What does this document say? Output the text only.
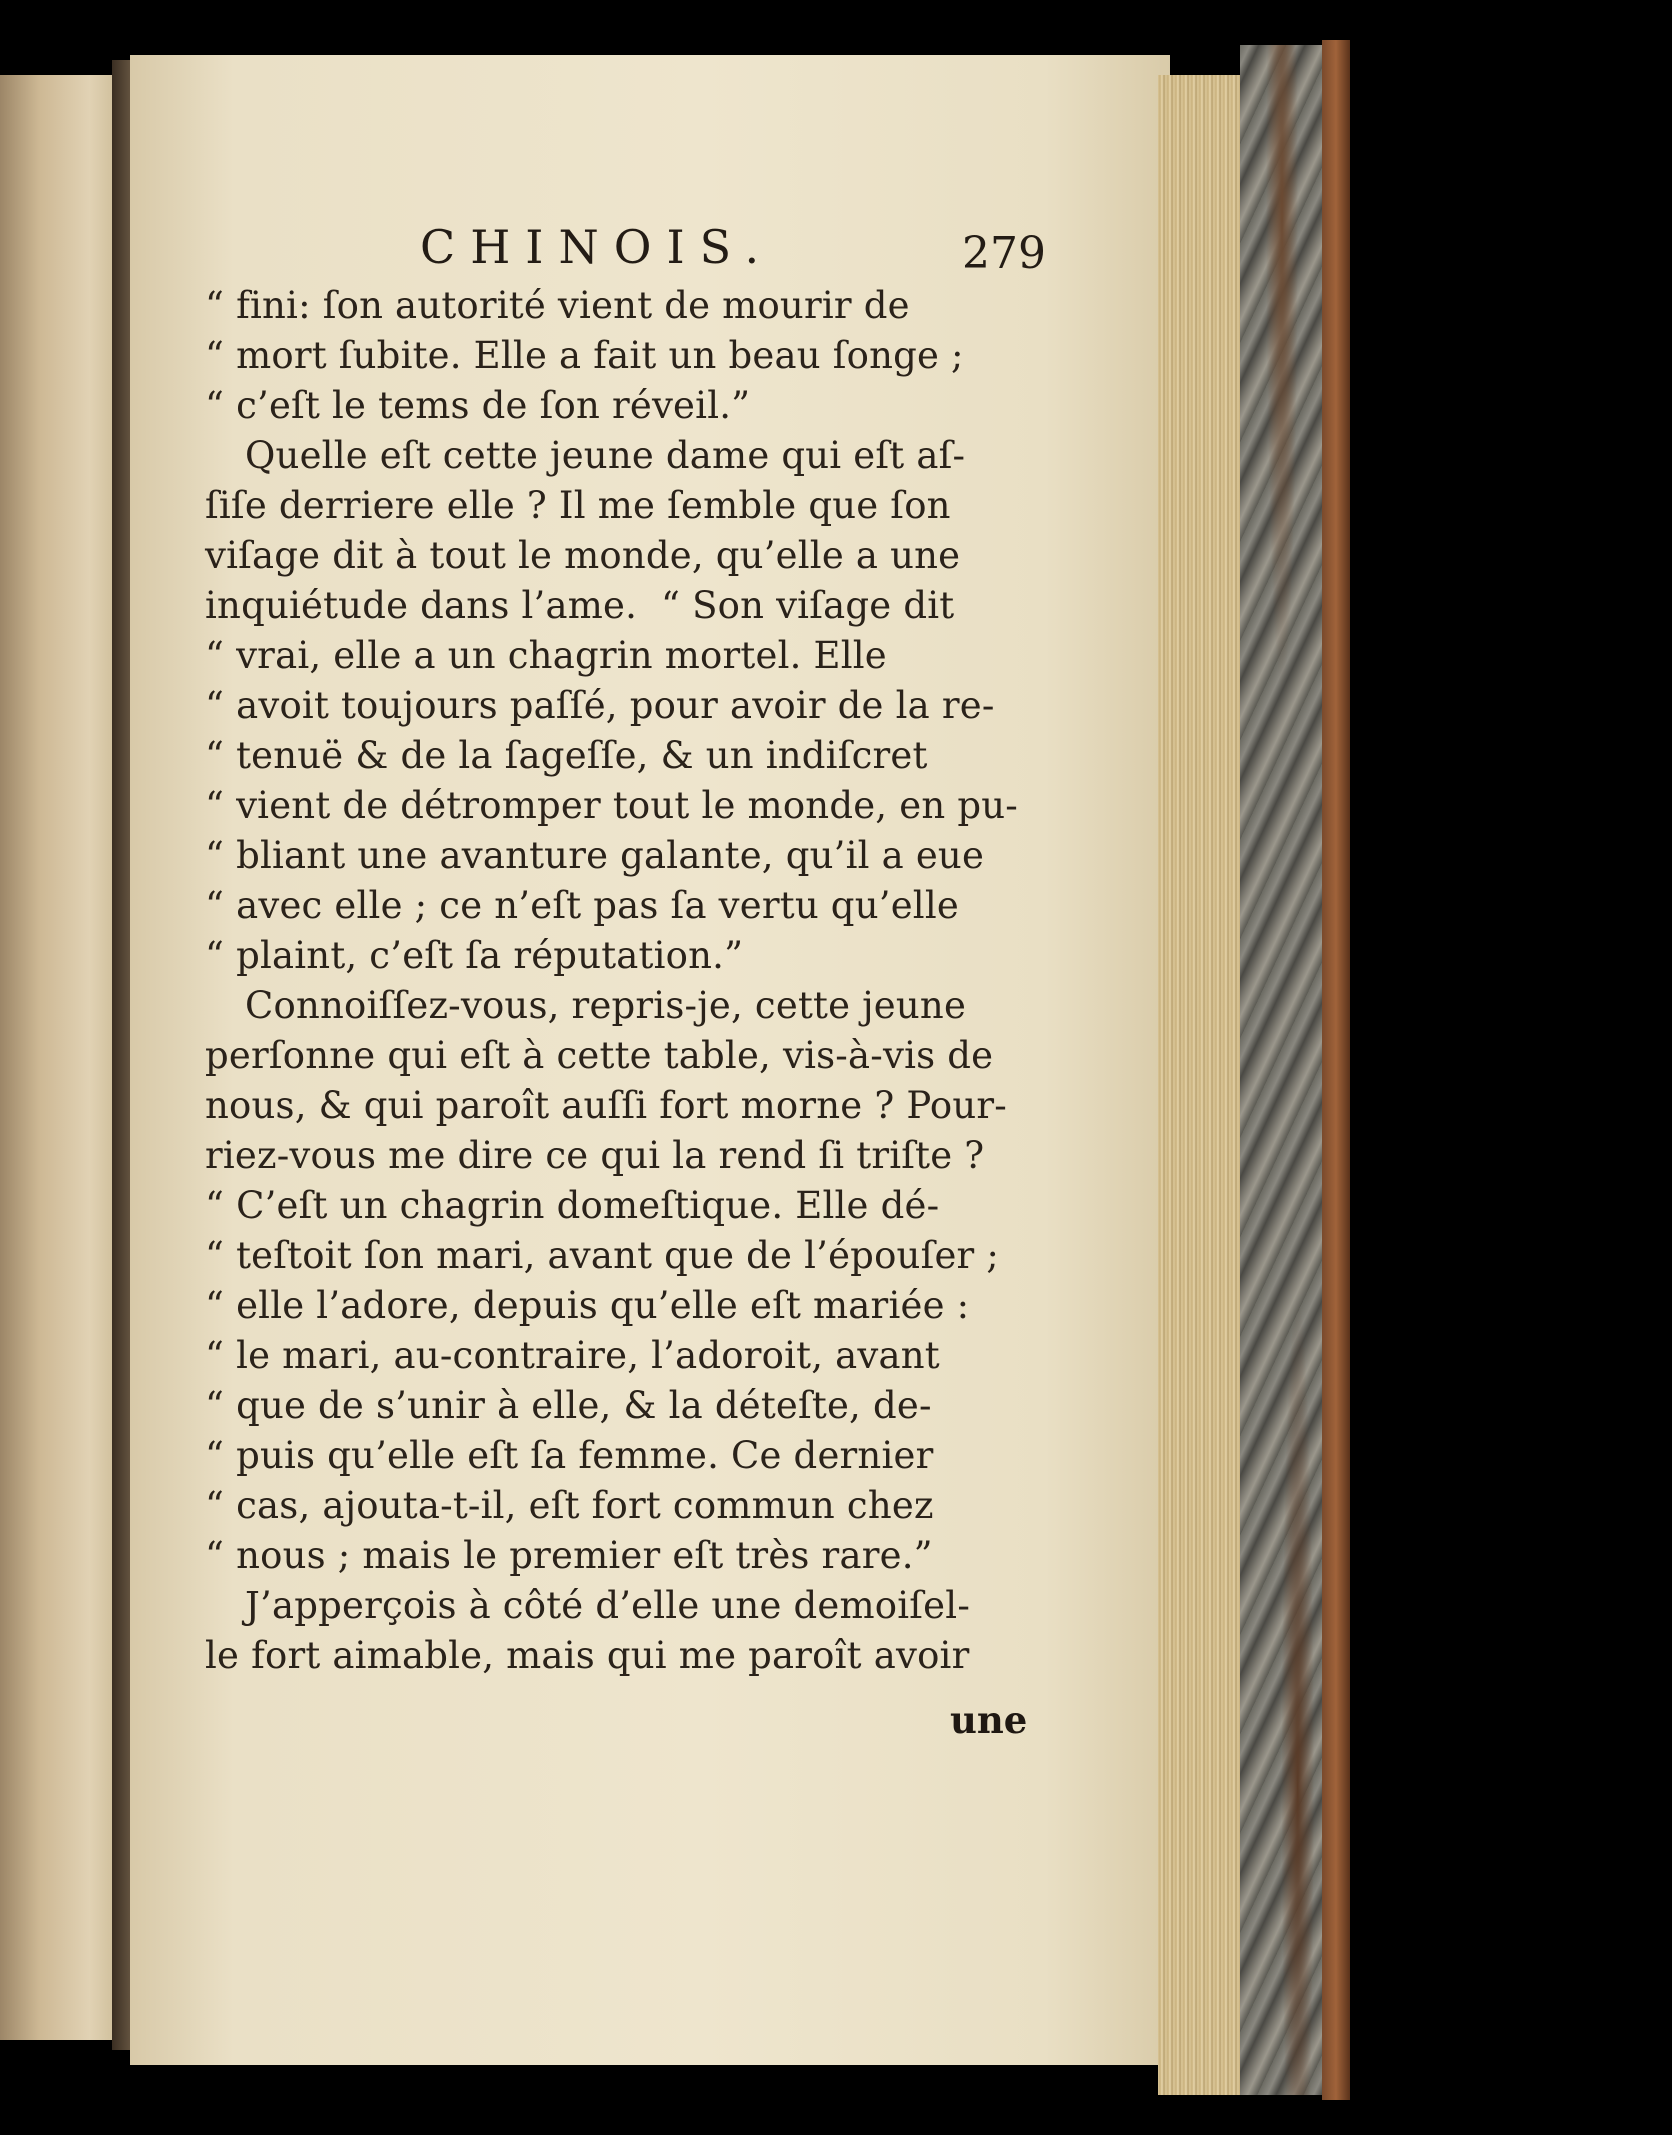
CHINOIS.	279

“ fini: ſon autorité vient de mourir de

“ mort ſubite. Elle a fait un beau ſonge ;

“ c’eſt le tems de ſon réveil.”

Quelle eſt cette jeune dame qui eſt aſ-

ſiſe derriere elle ? Il me ſemble que ſon

viſage dit à tout le monde, qu’elle a une

inquiétude dans l’ame.  “ Son viſage dit

“ vrai, elle a un chagrin mortel. Elle

“ avoit toujours paſſé, pour avoir de la re-

“ tenuë & de la ſageſſe, & un indiſcret

“ vient de détromper tout le monde, en pu-

“ bliant une avanture galante, qu’il a eue

“ avec elle ; ce n’eſt pas ſa vertu qu’elle

“ plaint, c’eſt ſa réputation.”

Connoiſſez-vous, repris-je, cette jeune

perſonne qui eſt à cette table, vis-à-vis de

nous, & qui paroît auſſi fort morne ? Pour-

riez-vous me dire ce qui la rend ſi triſte ?

“ C’eſt un chagrin domeſtique. Elle dé-

“ teſtoit ſon mari, avant que de l’épouſer ;

“ elle l’adore, depuis qu’elle eſt mariée :

“ le mari, au-contraire, l’adoroit, avant

“ que de s’unir à elle, & la déteſte, de-

“ puis qu’elle eſt ſa femme. Ce dernier

“ cas, ajouta-t-il, eſt fort commun chez

“ nous ; mais le premier eſt très rare.”

J’apperçois à côté d’elle une demoiſel-

le fort aimable, mais qui me paroît avoir

une
